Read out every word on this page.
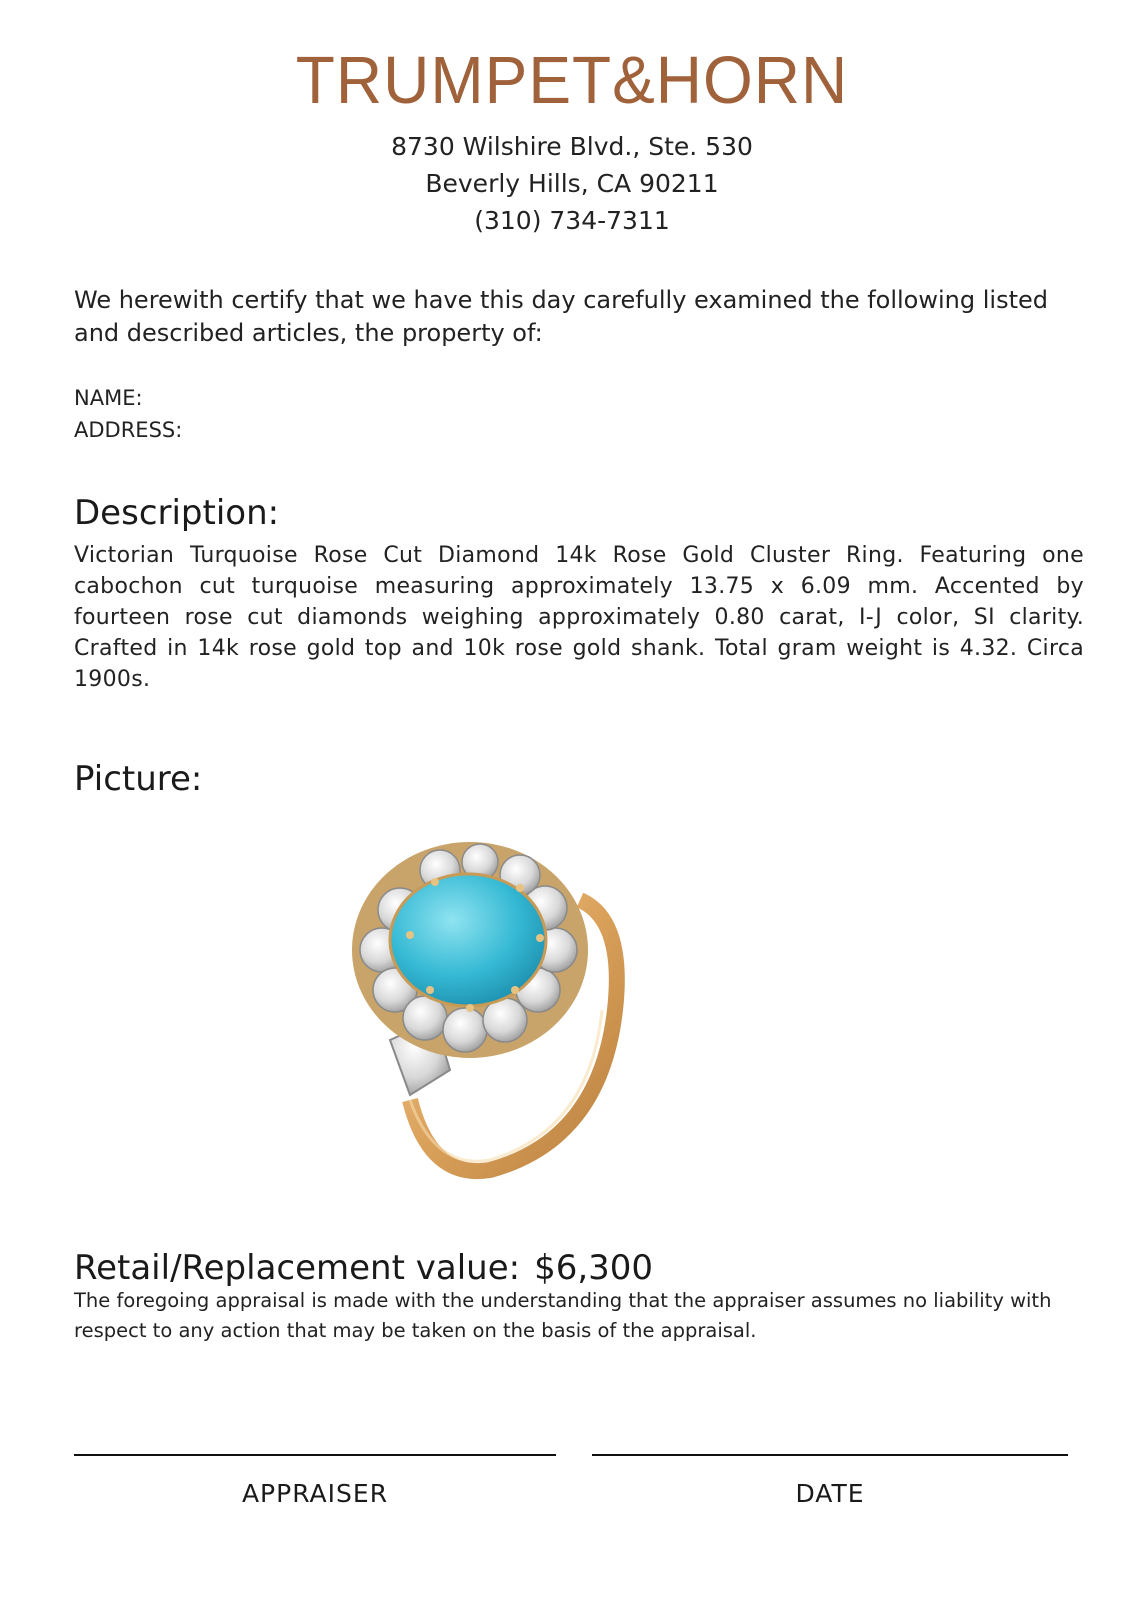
TRUMPET&HORN
8730 Wilshire Blvd., Ste. 530
Beverly Hills, CA 90211
(310) 734-7311
We herewith certify that we have this day carefully examined the following listed and described articles, the property of:
NAME:
ADDRESS:
Description:
Victorian Turquoise Rose Cut Diamond 14k Rose Gold Cluster Ring. Featuring one cabochon cut turquoise measuring approximately 13.75 x 6.09 mm. Accented by fourteen rose cut diamonds weighing approximately 0.80 carat, I-J color, SI clarity. Crafted in 14k rose gold top and 10k rose gold shank. Total gram weight is 4.32. Circa 1900s.
Picture:
Retail/Replacement value: $6,300
The foregoing appraisal is made with the understanding that the appraiser assumes no liability with respect to any action that may be taken on the basis of the appraisal.
APPRAISER	DATE
